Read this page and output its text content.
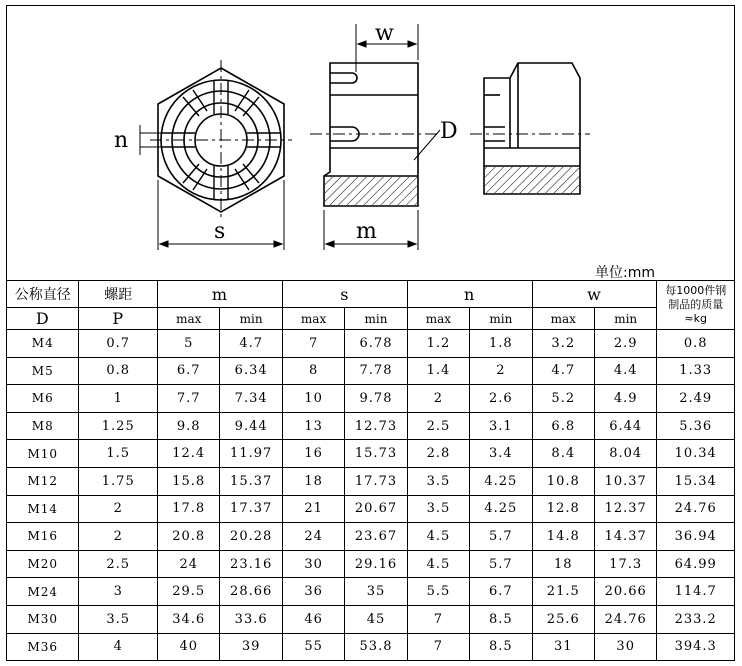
s
n
w
m
D
单位:mm
公称直径	螺距	m		s		n		w		每1000件钢
制品的质量
≈kg
D	P	max	min	max	min	max	min	max	min	
M4	0.7	5	4.7	7	6.78	1.2	1.8	3.2	2.9	0.8
M5	0.8	6.7	6.34	8	7.78	1.4	2	4.7	4.4	1.33
M6	1	7.7	7.34	10	9.78	2	2.6	5.2	4.9	2.49
M8	1.25	9.8	9.44	13	12.73	2.5	3.1	6.8	6.44	5.36
M10	1.5	12.4	11.97	16	15.73	2.8	3.4	8.4	8.04	10.34
M12	1.75	15.8	15.37	18	17.73	3.5	4.25	10.8	10.37	15.34
M14	2	17.8	17.37	21	20.67	3.5	4.25	12.8	12.37	24.76
M16	2	20.8	20.28	24	23.67	4.5	5.7	14.8	14.37	36.94
M20	2.5	24	23.16	30	29.16	4.5	5.7	18	17.3	64.99
M24	3	29.5	28.66	36	35	5.5	6.7	21.5	20.66	114.7
M30	3.5	34.6	33.6	46	45	7	8.5	25.6	24.76	233.2
M36	4	40	39	55	53.8	7	8.5	31	30	394.3
